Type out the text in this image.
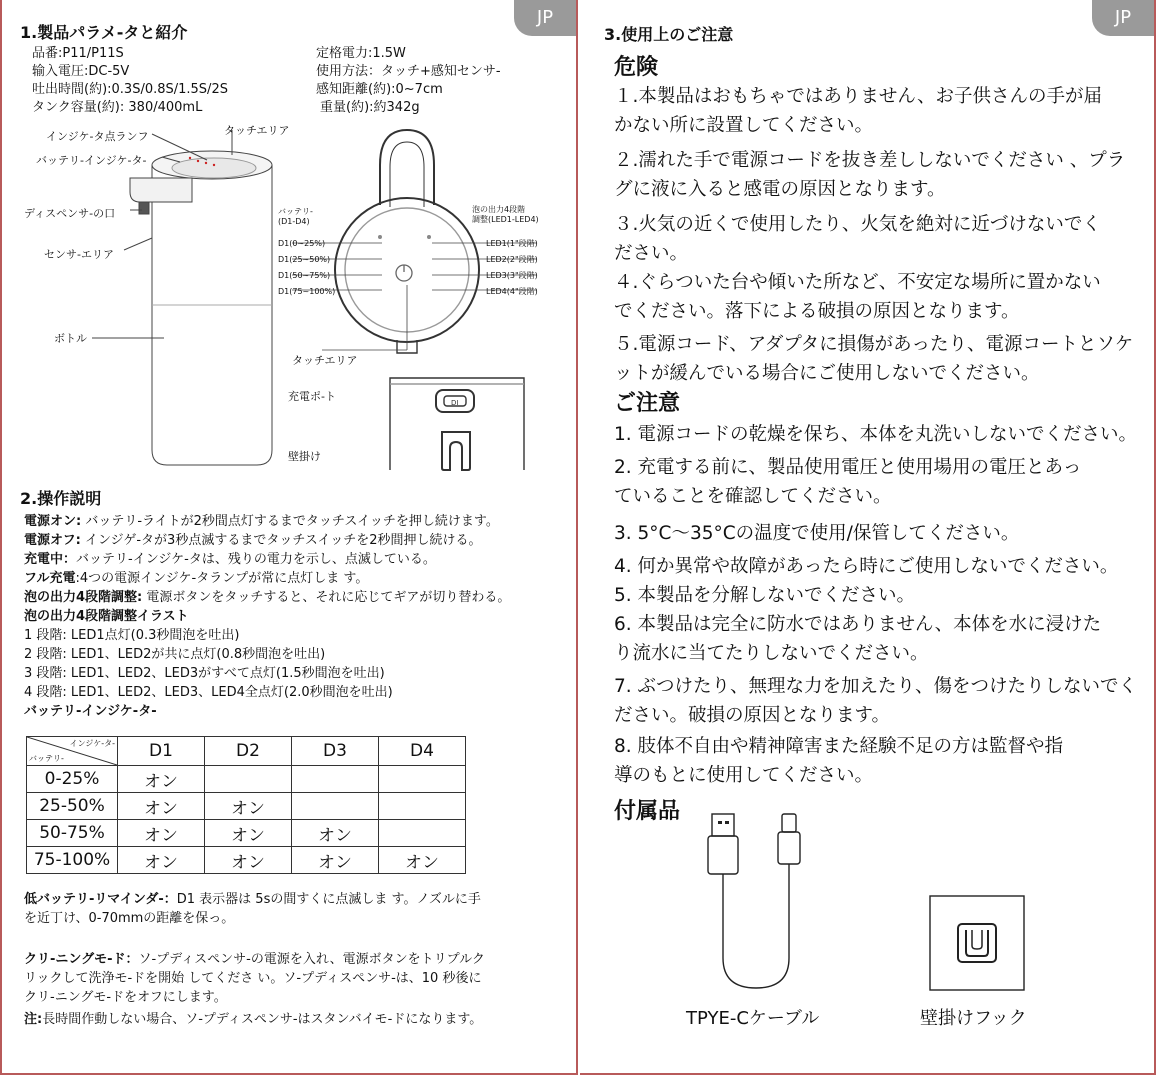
JP
1.製品パラメ-タと紹介
品番:P11/P11S
输入電圧:DC-5V
吐出時間(約):0.3S/0.8S/1.5S/2S
タンク容量(約): 380/400mL
定格電力:1.5W
使用方法：タッチ+感知センサ-
感知距離(約):0~7cm
重量(約):約342g
インジケ-タ点ランフ	タッチエリア
バッテリ-インジケ-タ-
ディスペンサ-の口
センサ-エリア
ボトル
バッテリ-
(D1-D4)
泡の出力4段階
調整(LED1-LED4)
D1(0~25%)
D1(25~50%)
D1(50~75%)
D1(75~100%)
LED1(1"段階)
LED2(2"段階)
LED3(3"段階)
LED4(4"段階)
タッチエリア
DI
充電ポ-ト
壁掛け
2.操作説明
電源オン: バッテリ-ライトが2秒間点灯するまでタッチスイッチを押し続けます。
電源オフ: インジゲ-タが3秒点滅するまでタッチスイッチを2秒間押し続ける。
充電中：バッテリ-インジケ-タは、残りの電力を示し、点滅している。
フル充電:4つの電源インジケ-タランプが常に点灯しま す。
泡の出力4段階調整: 電源ボタンをタッチすると、それに応じてギアが切り替わる。
泡の出力4段階調整イラスト
1 段階: LED1点灯(0.3秒間泡を吐出)
2 段階: LED1、LED2が共に点灯(0.8秒間泡を吐出)
3 段階: LED1、LED2、LED3がすべて点灯(1.5秒間泡を吐出)
4 段階: LED1、LED2、LED3、LED4全点灯(2.0秒間泡を吐出)
バッテリ-インジケ-タ-
インジケ-タ-
バッテリ-	D1	D2	D3	D4
0-25%	オン			
25-50%	オン	オン		
50-75%	オン	オン	オン	
75-100%	オン	オン	オン	オン
低バッテリ-リマインダ-：D1 表示器は 5sの間すくに点滅しま す。ノズルに手
を近丁け、0-70mmの距離を保っ。
クリ-ニングモ-ド：ソ-プディスペンサ-の電源を入れ、電源ボタンをトリプルク
リックして洗浄モ-ドを開始 してくださ い。ソ-プディスペンサ-は、10 秒後に
クリ-ニングモ-ドをオフにします。
注:長時間作動しない場合、ソ-プディスペンサ-はスタンバイモ-ドになります。
JP
3.使用上のご注意
危険
１.本製品はおもちゃではありません、お子供さんの手が届
かない所に設置してください。
２.濡れた手で電源コードを抜き差ししないでください 、プラ
グに液に入ると感電の原因となります。
３.火気の近くで使用したり、火気を絶対に近づけないでく
ださい。
４.ぐらついた台や傾いた所など、不安定な場所に置かない
でください。落下による破損の原因となります。
５.電源コード、アダプタに損傷があったり、電源コートとソケ
ットが緩んでいる場合にご使用しないでください。
ご注意
1. 電源コードの乾燥を保ち、本体を丸洗いしないでください。
2. 充電する前に、製品使用電圧と使用場用の電圧とあっ
ていることを確認してください。
3. 5°C～35°Cの温度で使用/保管してください。
4. 何か異常や故障があったら時にご使用しないでください。
5. 本製品を分解しないでください。
6. 本製品は完全に防水ではありません、本体を水に浸けた
り流水に当てたりしないでください。
7. ぶつけたり、無理な力を加えたり、傷をつけたりしないでく
ださい。破損の原因となります。
8. 肢体不自由や精神障害また経験不足の方は監督や指
導のもとに使用してください。
付属品
TPYE-Cケーブル	壁掛けフック
